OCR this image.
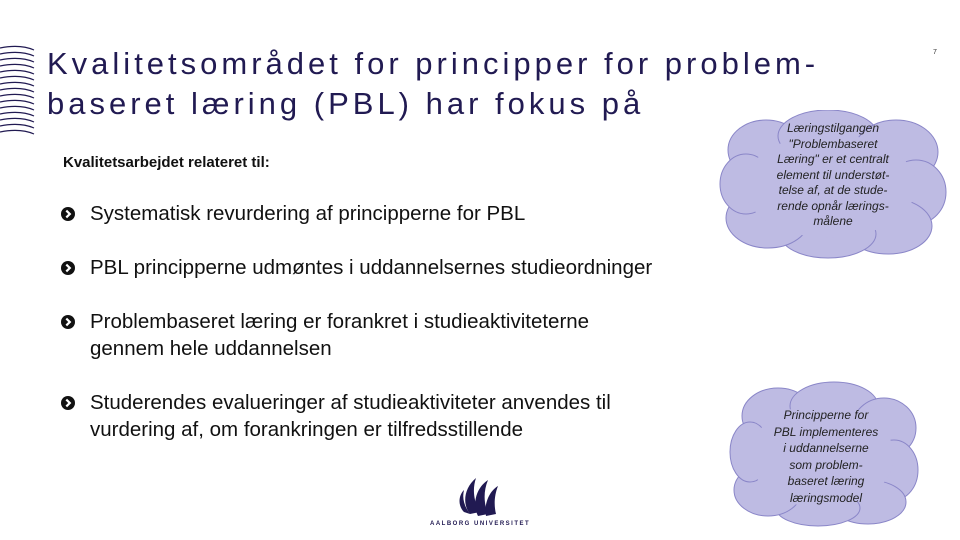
Kvalitetsområdet for principper for problem-
baseret læring (PBL) har fokus på
7
Kvalitetsarbejdet relateret til:
Systematisk revurdering af principperne for PBL
PBL principperne udmøntes i uddannelsernes studieordninger
Problembaseret læring er forankret i studieaktiviteterne
gennem hele uddannelsen
Studerendes evalueringer af studieaktiviteter anvendes til
vurdering af, om forankringen er tilfredsstillende
Læringstilgangen
"Problembaseret
Læring" er et centralt
element til understøt-
telse af, at de stude-
rende opnår lærings-
målene
Principperne for
PBL implementeres
i uddannelserne
som problem-
baseret læring
læringsmodel
AALBORG UNIVERSITET
